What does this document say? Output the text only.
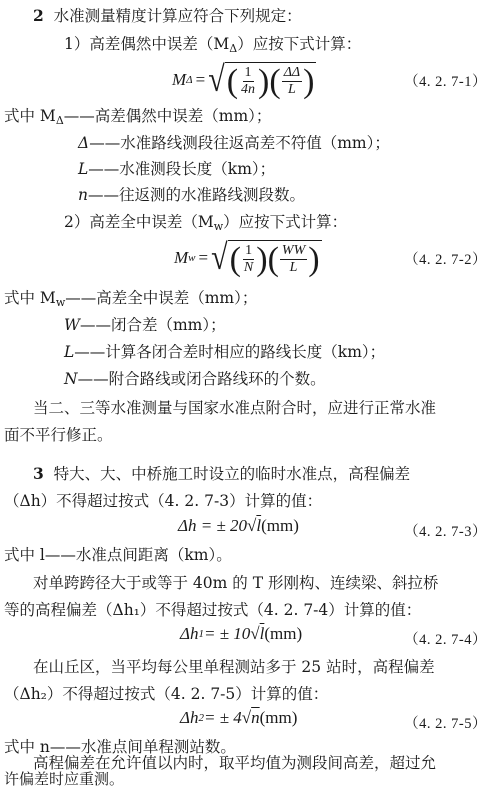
2 水准测量精度计算应符合下列规定：
1）高差偶然中误差$(M_\Delta)$应按下式计算：
M Δ = √ ( $\frac{1}{4n}$ ) ( $\frac{\Delta\Delta}{L}$ )	（4. 2. 7-1）
式中 $M_\Delta——$高差偶然中误差（mm）；
Δ——水准路线测段往返高差不符值（mm）；
L——水准测段长度（km）；
n——往返测的水准路线测段数。
2）高差全中误差$(M_w)$应按下式计算：
M w = √ ( $\frac{1}{N}$ ) ( $\frac{WW}{L}$ )	（4. 2. 7-2）
式中 $M_w——$高差全中误差（mm）；
W——闭合差（mm）；
L——计算各闭合差时相应的路线长度（km）；
N——附合路线或闭合路线环的个数。
当二、三等水准测量与国家水准点附合时，应进行正常水准
面不平行修正。
3 特大、大、中桥施工时设立的临时水准点，高程偏差
（Δh）不得超过按式（4. 2. 7-3）计算的值：
Δh = ± 20 √ l (mm)	（4. 2. 7-3）
式中 l——水准点间距离（km）。
对单跨跨径大于或等于 40m 的 T 形刚构、连续梁、斜拉桥
等的高程偏差（Δh₁）不得超过按式（4. 2. 7-4）计算的值：
Δh 1 = ± 10 √ l (mm)	（4. 2. 7-4）
在山丘区，当平均每公里单程测站多于 25 站时，高程偏差
（Δh₂）不得超过按式（4. 2. 7-5）计算的值：
Δh 2 = ± 4 √ n (mm)	（4. 2. 7-5）
式中 n——水准点间单程测站数。
高程偏差在允许值以内时，取平均值为测段间高差，超过允
许偏差时应重测。
